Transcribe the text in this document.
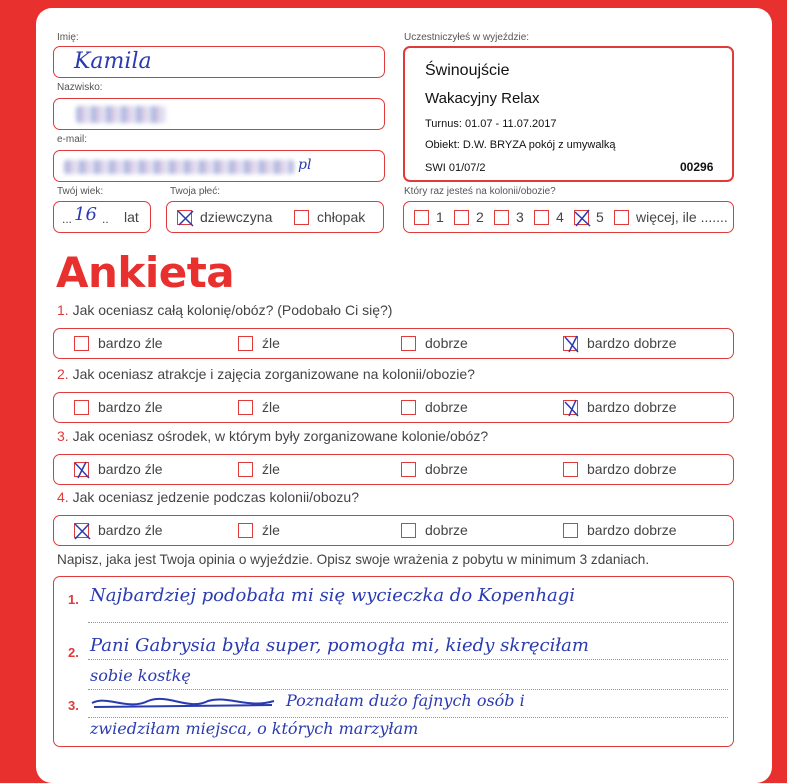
Imię:
Kamila
Nazwisko:
e-mail:
pl
Twój wiek:
... 16 .. lat
Twoja płeć:
dziewczyna	chłopak
Uczestniczyłeś w wyjeździe:
Świnoujście
Wakacyjny Relax
Turnus: 01.07 - 11.07.2017
Obiekt: D.W. BRYZA pokój z umywalką
SWI 01/07/2	00296
Który raz jesteś na kolonii/obozie?
1 2 3 4 5 więcej, ile .......
Ankieta
1. Jak oceniasz całą kolonię/obóz? (Podobało Ci się?)
bardzo źle	źle	dobrze	bardzo dobrze
2. Jak oceniasz atrakcje i zajęcia zorganizowane na kolonii/obozie?
bardzo źle	źle	dobrze	bardzo dobrze
3. Jak oceniasz ośrodek, w którym były zorganizowane kolonie/obóz?
bardzo źle	źle	dobrze	bardzo dobrze
4. Jak oceniasz jedzenie podczas kolonii/obozu?
bardzo źle	źle	dobrze	bardzo dobrze
Napisz, jaka jest Twoja opinia o wyjeździe. Opisz swoje wrażenia z pobytu w minimum 3 zdaniach.
1. Najbardziej podobała mi się wycieczka do Kopenhagi
2. Pani Gabrysia była super, pomogła mi, kiedy skręciłam
sobie kostkę
3.	Poznałam dużo fajnych osób i
zwiedziłam miejsca, o których marzyłam
